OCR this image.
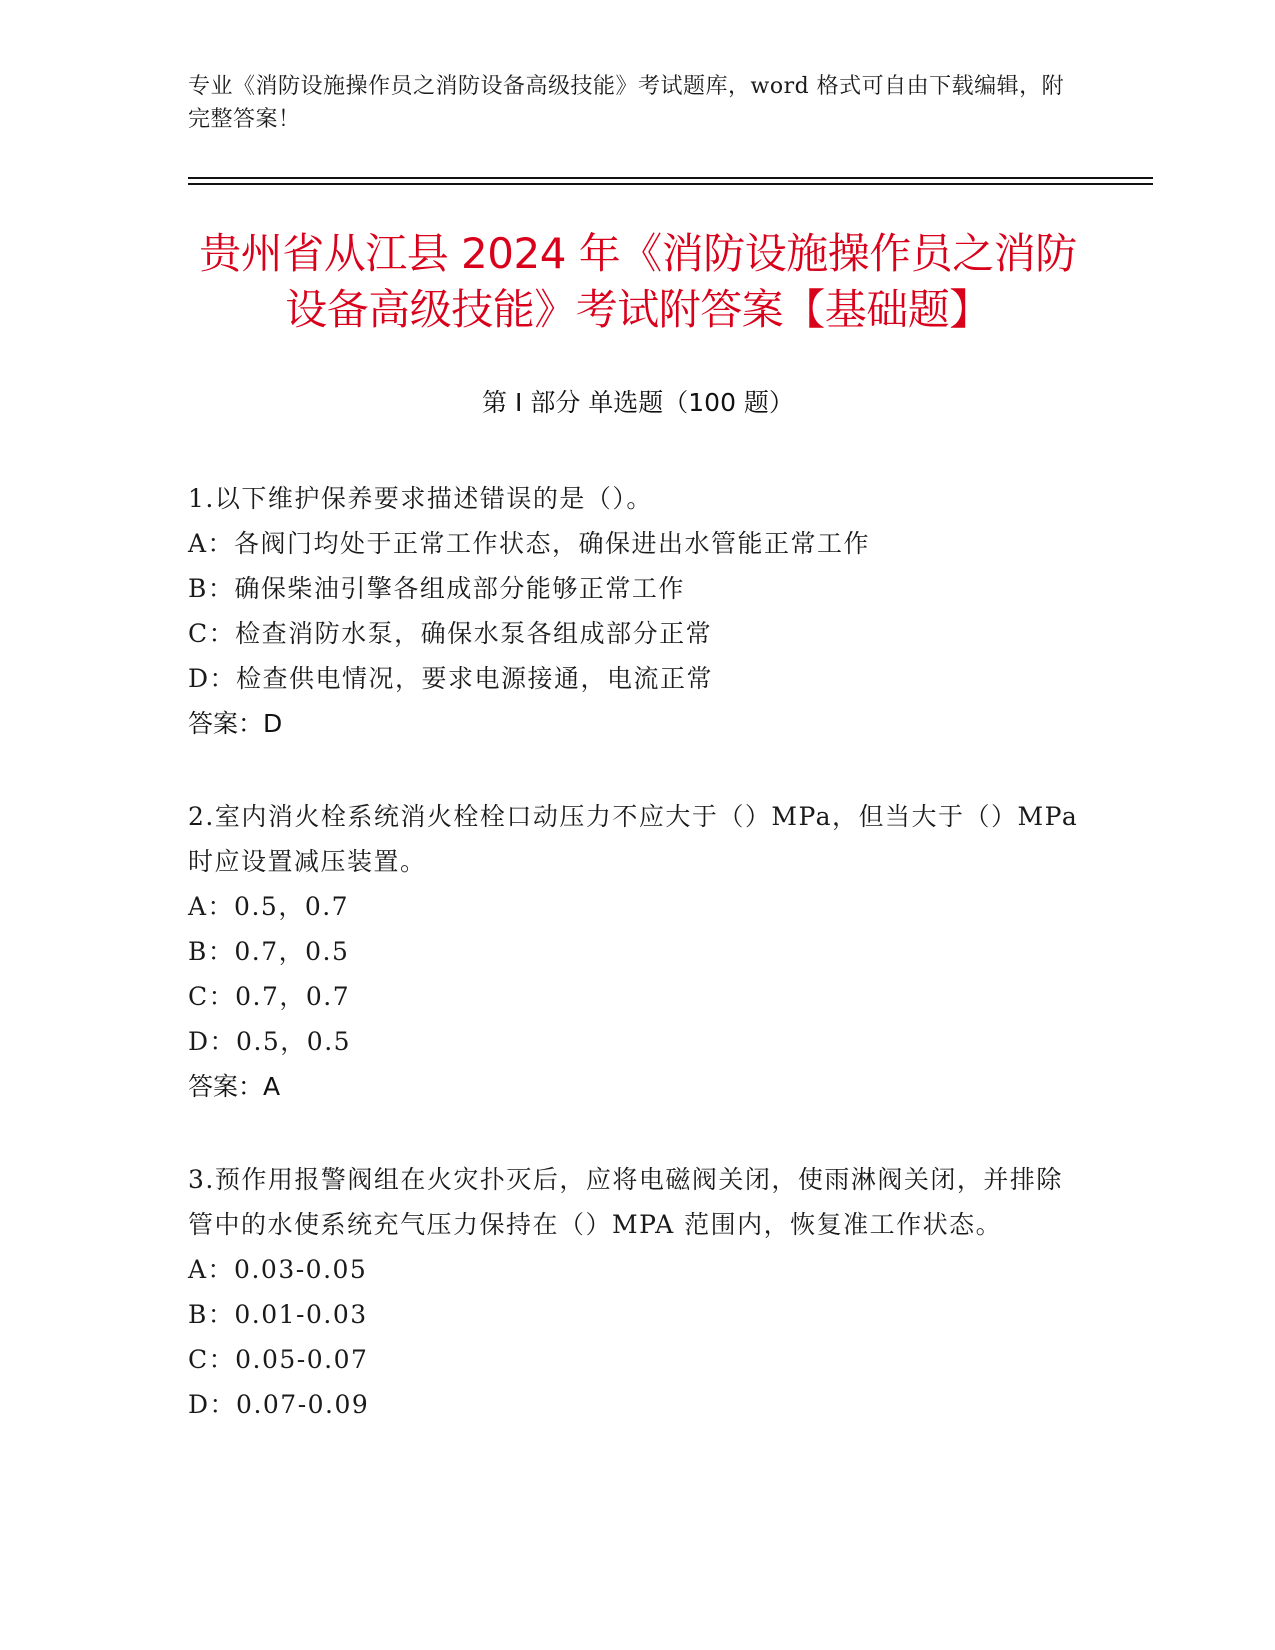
专业《消防设施操作员之消防设备高级技能》考试题库，word 格式可自由下载编辑，附完整答案！
贵州省从江县 2024 年《消防设施操作员之消防设备高级技能》考试附答案【基础题】
第 I 部分 单选题（100 题）
1.以下维护保养要求描述错误的是（）。
A：各阀门均处于正常工作状态，确保进出水管能正常工作
B：确保柴油引擎各组成部分能够正常工作
C：检查消防水泵，确保水泵各组成部分正常
D：检查供电情况，要求电源接通，电流正常
答案：D
2.室内消火栓系统消火栓栓口动压力不应大于（）MPa，但当大于（）MPa 时应设置减压装置。
A：0.5，0.7
B：0.7，0.5
C：0.7，0.7
D：0.5，0.5
答案：A
3.预作用报警阀组在火灾扑灭后，应将电磁阀关闭，使雨淋阀关闭，并排除管中的水使系统充气压力保持在（）MPA 范围内，恢复准工作状态。
A：0.03-0.05
B：0.01-0.03
C：0.05-0.07
D：0.07-0.09
